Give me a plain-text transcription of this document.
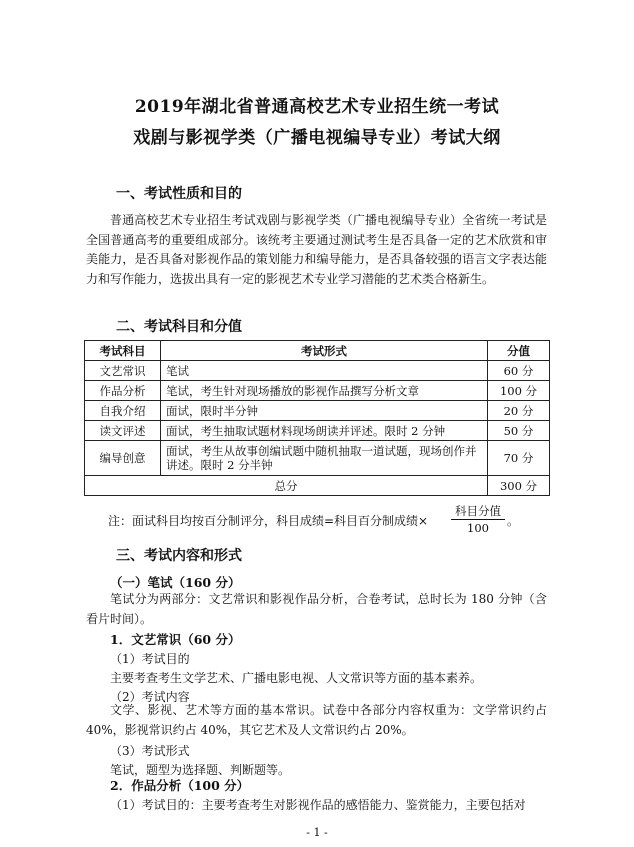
2019年湖北省普通高校艺术专业招生统一考试
戏剧与影视学类（广播电视编导专业）考试大纲
一、考试性质和目的
普通高校艺术专业招生考试戏剧与影视学类（广播电视编导专业）全省统一考试是全国普通高考的重要组成部分。该统考主要通过测试考生是否具备一定的艺术欣赏和审美能力，是否具备对影视作品的策划能力和编导能力，是否具备较强的语言文字表达能力和写作能力，选拔出具有一定的影视艺术专业学习潜能的艺术类合格新生。
二、考试科目和分值
考试科目	考试形式	分值
文艺常识	笔试	60 分
作品分析	笔试，考生针对现场播放的影视作品撰写分析文章	100 分
自我介绍	面试，限时半分钟	20 分
读文评述	面试，考生抽取试题材料现场朗读并评述。限时 2 分钟	50 分
编导创意	面试，考生从故事创编试题中随机抽取一道试题，现场创作并讲述。限时 2 分半钟	70 分
总分		300 分
注：面试科目均按百分制评分，科目成绩=科目百分制成绩×
科目分值
100	。
三、考试内容和形式
（一）笔试（160 分）
笔试分为两部分：文艺常识和影视作品分析，合卷考试，总时长为 180 分钟（含看片时间）。
1．文艺常识（60 分）
（1）考试目的
主要考查考生文学艺术、广播电影电视、人文常识等方面的基本素养。
（2）考试内容
文学、影视、艺术等方面的基本常识。试卷中各部分内容权重为：文学常识约占 40%，影视常识约占 40%，其它艺术及人文常识约占 20%。
（3）考试形式
笔试，题型为选择题、判断题等。
2．作品分析（100 分）
（1）考试目的：主要考查考生对影视作品的感悟能力、鉴赏能力，主要包括对
- 1 -
